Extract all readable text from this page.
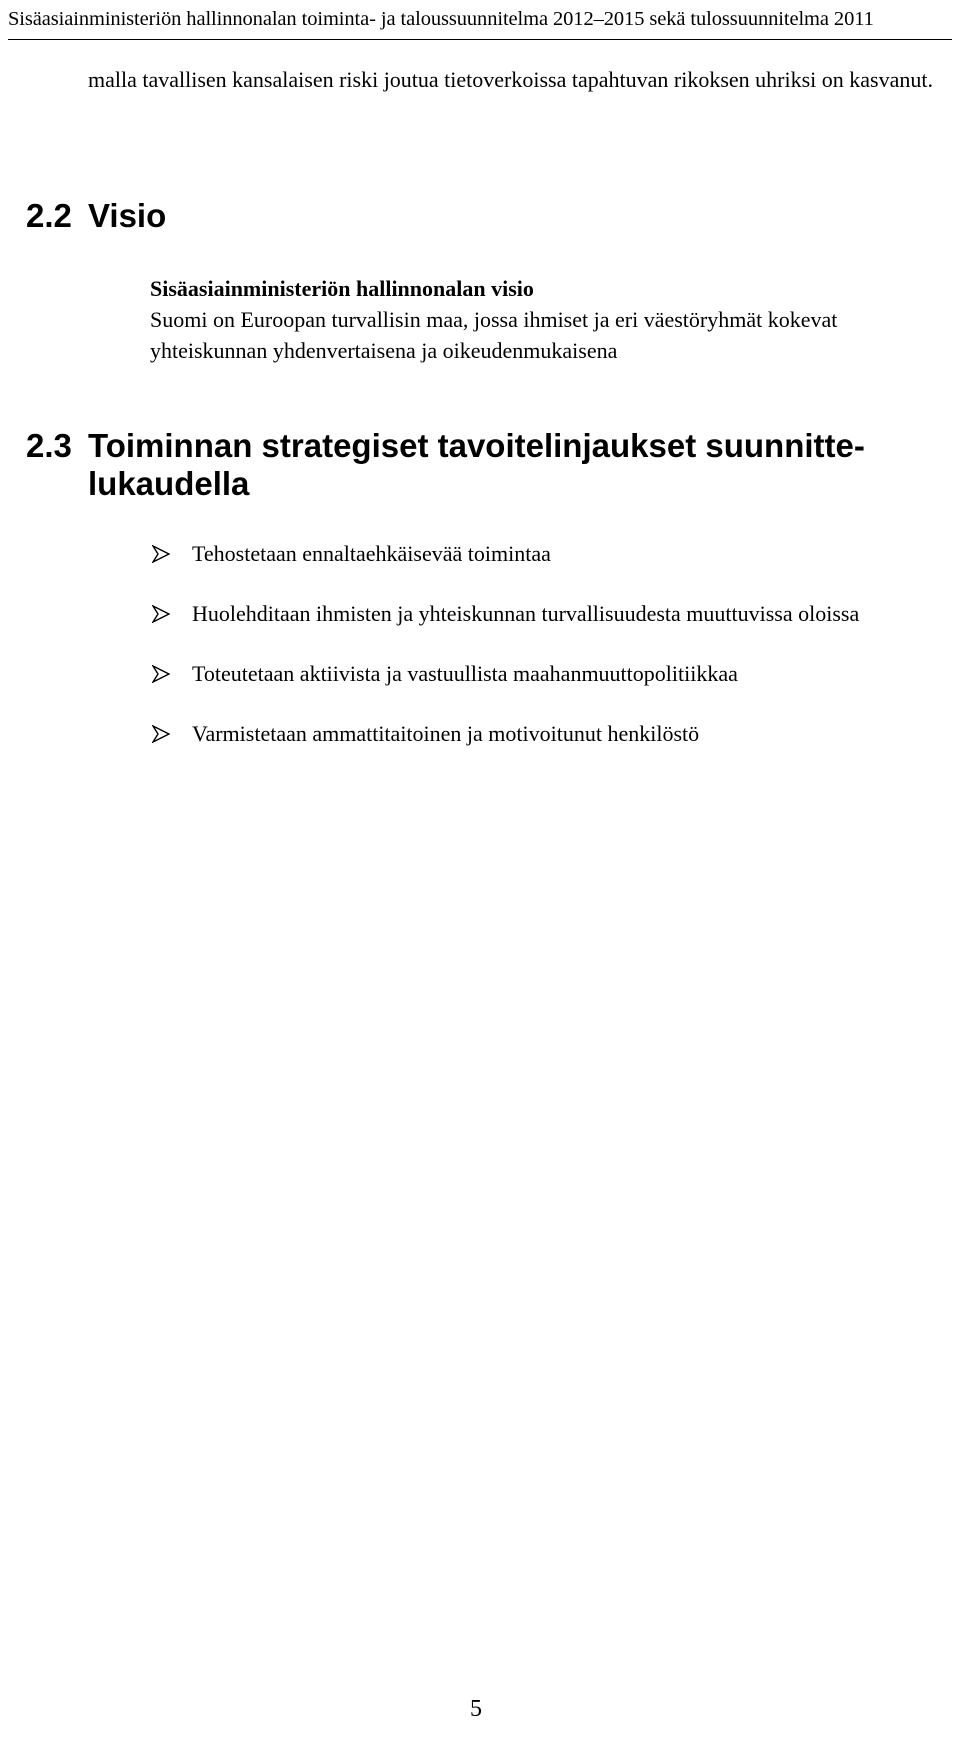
Sisäasiainministeriön hallinnonalan toiminta- ja taloussuunnitelma 2012–2015 sekä tulossuunnitelma 2011
malla tavallisen kansalaisen riski joutua tietoverkoissa tapahtuvan rikoksen uhriksi on kasvanut.
2.2 Visio
Sisäasiainministeriön hallinnonalan visio
Suomi on Euroopan turvallisin maa, jossa ihmiset ja eri väestöryhmät kokevat yhteiskunnan yhdenvertaisena ja oikeudenmukaisena
2.3 Toiminnan strategiset tavoitelinjaukset suunnitte-
lukaudella
Tehostetaan ennaltaehkäisevää toimintaa
Huolehditaan ihmisten ja yhteiskunnan turvallisuudesta muuttuvissa oloissa
Toteutetaan aktiivista ja vastuullista maahanmuuttopolitiikkaa
Varmistetaan ammattitaitoinen ja motivoitunut henkilöstö
5
